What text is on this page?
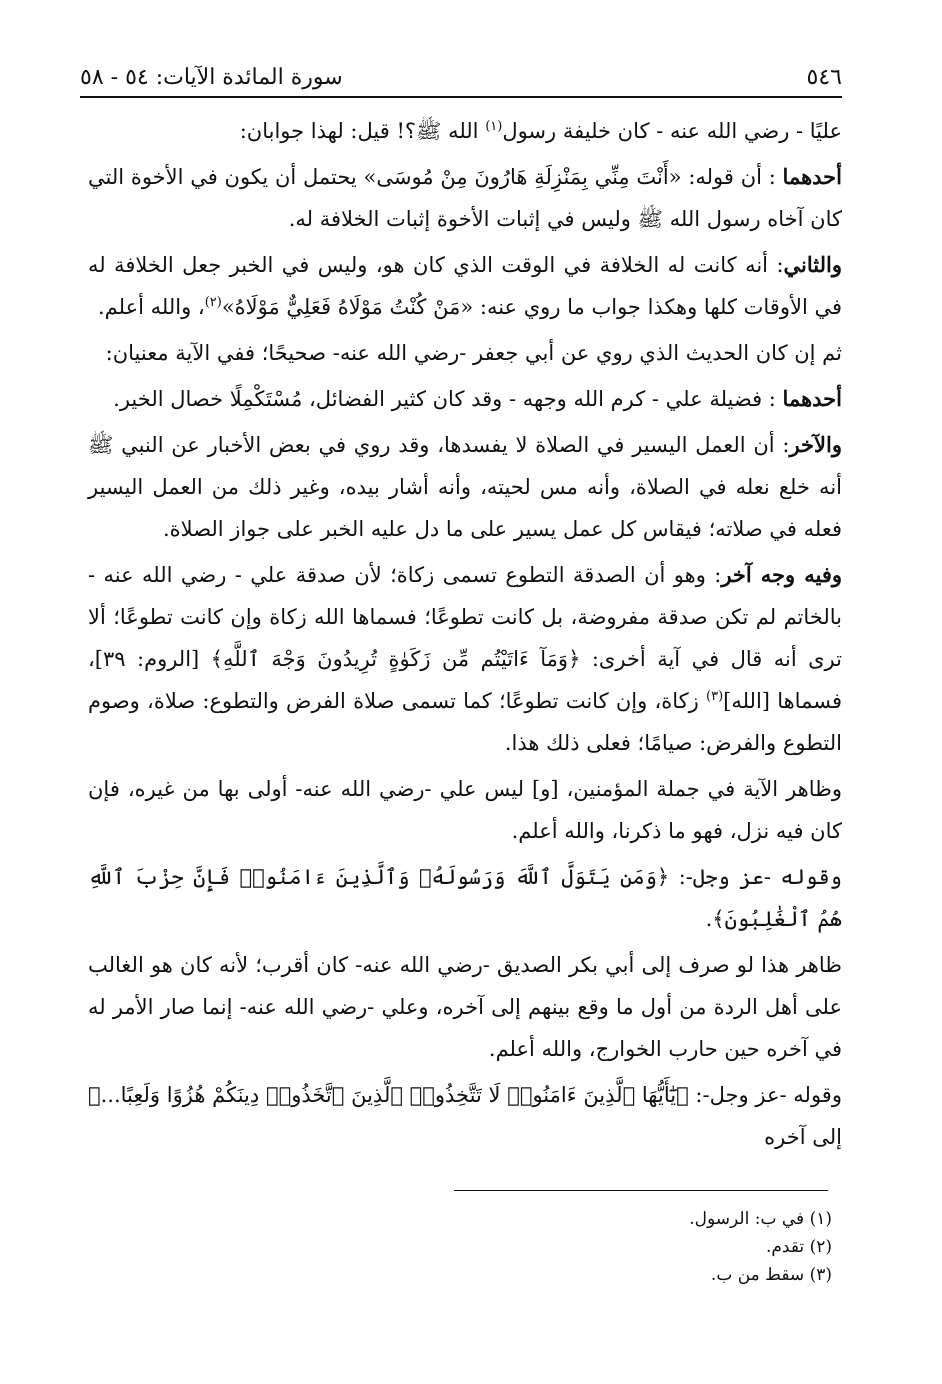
٥٤٦
سورة المائدة الآيات: ٥٤ - ٥٨

عليًا - رضي الله عنه - كان خليفة رسول$^{(١)}$ الله ﷺ؟! قيل: لهذا جوابان:

أحدهما : أن قوله: «أَنْتَ مِنِّي بِمَنْزِلَةِ هَارُونَ مِنْ مُوسَى» يحتمل أن يكون في الأخوة التي كان آخاه رسول الله ﷺ وليس في إثبات الأخوة إثبات الخلافة له.

والثاني: أنه كانت له الخلافة في الوقت الذي كان هو، وليس في الخبر جعل الخلافة له في الأوقات كلها وهكذا جواب ما روي عنه: «مَنْ كُنْتُ مَوْلَاهُ فَعَلِيٌّ مَوْلَاهُ»$^{(٢)}$، والله أعلم.

ثم إن كان الحديث الذي روي عن أبي جعفر -رضي الله عنه- صحيحًا؛ ففي الآية معنيان:

أحدهما : فضيلة علي - كرم الله وجهه - وقد كان كثير الفضائل، مُسْتَكْمِلًا خصال الخير.

والآخر: أن العمل اليسير في الصلاة لا يفسدها، وقد روي في بعض الأخبار عن النبي ﷺ أنه خلع نعله في الصلاة، وأنه مس لحيته، وأنه أشار بيده، وغير ذلك من العمل اليسير فعله في صلاته؛ فيقاس كل عمل يسير على ما دل عليه الخبر على جواز الصلاة.

وفيه وجه آخر: وهو أن الصدقة التطوع تسمى زكاة؛ لأن صدقة علي - رضي الله عنه - بالخاتم لم تكن صدقة مفروضة، بل كانت تطوعًا؛ فسماها الله زكاة وإن كانت تطوعًا؛ ألا ترى أنه قال في آية أخرى: ﴿وَمَآ ءَاتَيْتُم مِّن زَكَوٰةٍ تُرِيدُونَ وَجْهَ ٱللَّهِ﴾ [الروم: ٣٩]، فسماها [الله]$^{(٣)}$ زكاة، وإن كانت تطوعًا؛ كما تسمى صلاة الفرض والتطوع: صلاة، وصوم التطوع والفرض: صيامًا؛ فعلى ذلك هذا.

وظاهر الآية في جملة المؤمنين، [و] ليس علي -رضي الله عنه- أولى بها من غيره، فإن كان فيه نزل، فهو ما ذكرنا، والله أعلم.

وقوله -عز وجل-: ﴿وَمَن يَتَوَلَّ ٱللَّهَ وَرَسُولَهُۥ وَٱلَّذِينَ ءَامَنُوا۟ فَإِنَّ حِزْبَ ٱللَّهِ هُمُ ٱلْغَٰلِبُونَ﴾.

ظاهر هذا لو صرف إلى أبي بكر الصديق -رضي الله عنه- كان أقرب؛ لأنه كان هو الغالب على أهل الردة من أول ما وقع بينهم إلى آخره، وعلي -رضي الله عنه- إنما صار الأمر له في آخره حين حارب الخوارج، والله أعلم.

وقوله -عز وجل-: ﴿يَٰٓأَيُّهَا ٱلَّذِينَ ءَامَنُوا۟ لَا تَتَّخِذُوا۟ ٱلَّذِينَ ٱتَّخَذُوا۟ دِينَكُمْ هُزُوًا وَلَعِبًا...﴾ إلى آخره

(١) في ب: الرسول.
(٢) تقدم.
(٣) سقط من ب.
